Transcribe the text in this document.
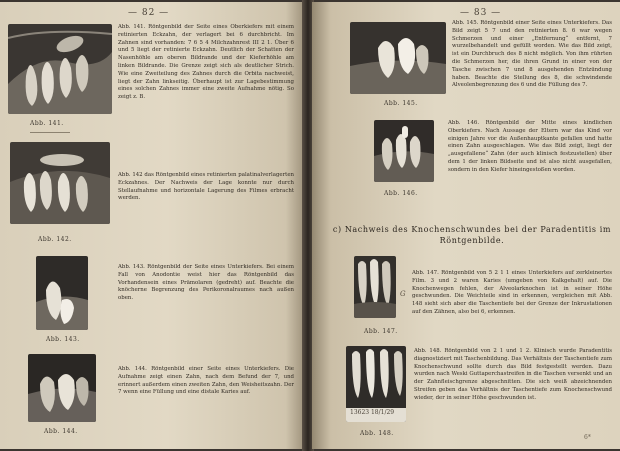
— 82 —
Abb. 141.

Abb. 141. Röntgenbild der Seite eines Oberkiefers mit einem retinierten Eckzahn, der verlagert bei 6 durchbricht. Im Zahnen sind vorhanden: 7 6 5 4 Milchzahnrest III 2 1. Über 6 und 5 liegt der retinierte Eckzahn. Deutlich der Schatten der Nasenhöhle am oberen Bildrande und der Kieferhöhle am linken Bildrande. Die Grenze zeigt sich als deutlicher Strich. Wie eine Zweiteilung des Zahnes durch die Orbita nachweist, liegt der Zahn linkseitig. Überhaupt ist zur Lagebestimmung eines solchen Zahnes immer eine zweite Aufnahme nötig. So zeigt z. B.

Abb. 142.

Abb. 142 das Röntgenbild eines retinierten palatinalverlagerten Eckzahnes. Der Nachweis der Lage konnte nur durch Stellaufnahme und horizontale Lagerung des Filmes erbracht werden.

Abb. 143.

Abb. 143. Röntgenbild der Seite eines Unterkiefers. Bei einem Fall von Anodontie weist hier das Röntgenbild das Vorhandensein eines Prämolaren (gedreht) auf. Beachte die knöcherne Begrenzung des Perikoronalraumes nach außen oben.

Abb. 144.

Abb. 144. Röntgenbild einer Seite eines Unterkiefers. Die Aufnahme zeigt einen Zahn, nach dem Befund der 7, und erinnert außerdem einen zweiten Zahn, den Weisheitszahn. Der 7 wenn eine Füllung und eine distale Karies auf.

— 83 —
Abb. 145.

Abb. 145. Röntgenbild einer Seite eines Unterkiefers. Das Bild zeigt 5 7 und den retinierten 8. 6 war wegen Schmerzen und einer „Entfernung“ entfernt, 7 wurzelbehandelt und gefüllt worden. Wie das Bild zeigt, ist ein Durchbruch des 8 nicht möglich. Von ihm rührten die Schmerzen her, die ihren Grund in einer von der Tasche zwischen 7 und 8 ausgehenden Entzündung haben. Beachte die Stellung des 8, die schwindende Alveolenbegrenzung des 6 und die Füllung des 7.

Abb. 146.

Abb. 146. Röntgenbild der Mitte eines kindlichen Oberkiefers. Nach Aussage der Eltern war das Kind vor einigen Jahre vor die Außenhauptkante gefallen und hatte einen Zahn ausgeschlagen. Wie das Bild zeigt, liegt der „ausgefallene“ Zahn (der auch klinisch festzustellen) über dem 1 der linken Bildseite und ist also nicht ausgefallen, sondern in den Kiefer hineingestoßen worden.

c) Nachweis des Knochenschwundes bei der Paradentitis im Röntgenbilde.

G
Abb. 147.

Abb. 147. Röntgenbild von 5 2 1 1 eines Unterkiefers auf zerkleinertes Film. 3 und 2 waren Karies (umgeben von Kalkgehalt) auf. Die Knochenwegen fehlen, der Alveolarknochen ist in seiner Höhe geschwunden. Die Weichteile sind in erkennen, vergleichen mit Abb. 148 sieht sich aber die Taschentiefe bei der Grenze der Inkrustationen auf den Zähnen, also bei 6, erkennen.

13623 18/1/29
Abb. 148.

Abb. 148. Röntgenbild von 2 1 und 1 2. Klinisch wurde Paradentitis diagnostiziert mit Taschenbildung. Das Verhältnis der Taschentiefe zum Knochenschwund sollte durch das Bild festgestellt werden. Dazu wurden nach Weski Guttaperchastreifen in die Taschen versenkt und an der Zahnfleischgrenze abgeschnitten. Die sich weiß abzeichnenden Streifen geben das Verhältnis der Taschentiefe zum Knochenschwund wieder, der in seiner Höhe geschwunden ist.

6*
